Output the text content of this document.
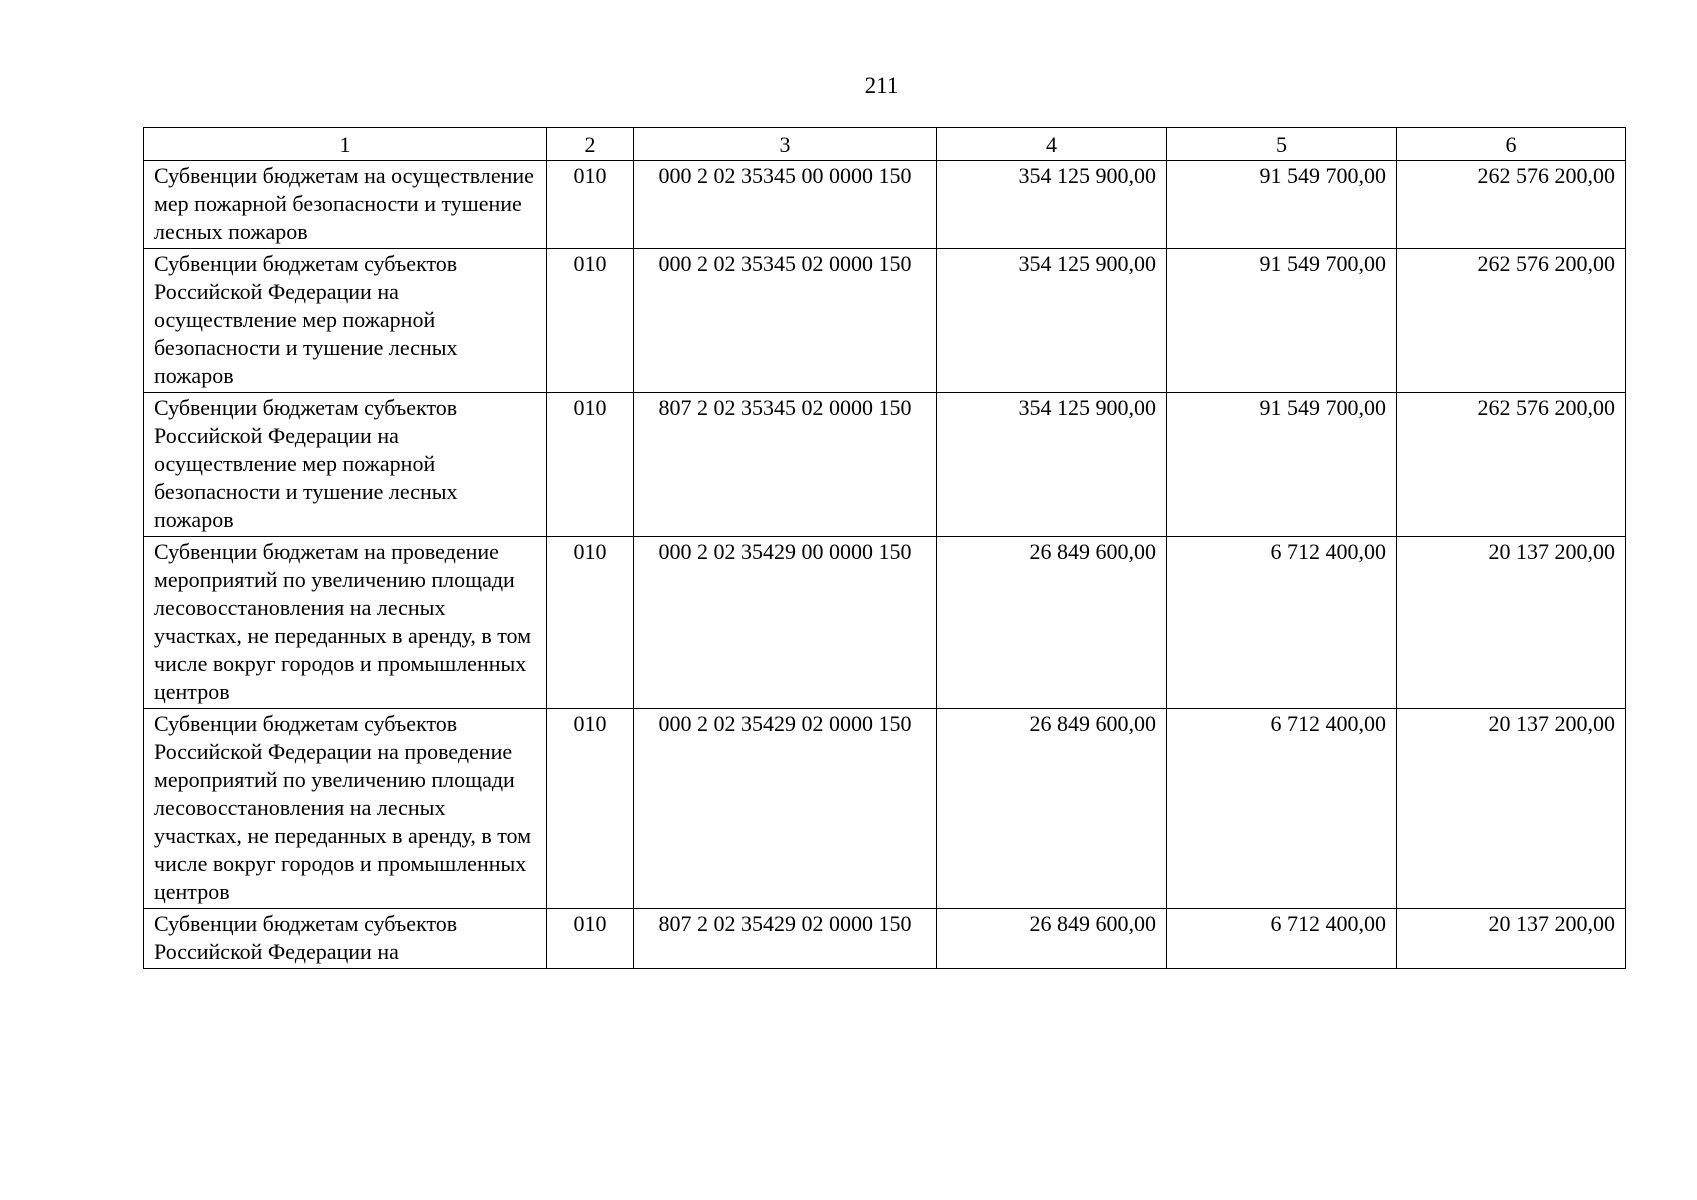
211
1	2	3	4	5	6
Субвенции бюджетам на осуществление мер пожарной безопасности и тушение лесных пожаров	010	000 2 02 35345 00 0000 150	354 125 900,00	91 549 700,00	262 576 200,00
Субвенции бюджетам субъектов Российской Федерации на осуществление мер пожарной безопасности и тушение лесных пожаров	010	000 2 02 35345 02 0000 150	354 125 900,00	91 549 700,00	262 576 200,00
Субвенции бюджетам субъектов Российской Федерации на осуществление мер пожарной безопасности и тушение лесных пожаров	010	807 2 02 35345 02 0000 150	354 125 900,00	91 549 700,00	262 576 200,00
Субвенции бюджетам на проведение мероприятий по увеличению площади лесовосстановления на лесных участках, не переданных в аренду, в том числе вокруг городов и промышленных центров	010	000 2 02 35429 00 0000 150	26 849 600,00	6 712 400,00	20 137 200,00
Субвенции бюджетам субъектов Российской Федерации на проведение мероприятий по увеличению площади лесовосстановления на лесных участках, не переданных в аренду, в том числе вокруг городов и промышленных центров	010	000 2 02 35429 02 0000 150	26 849 600,00	6 712 400,00	20 137 200,00
Субвенции бюджетам субъектов Российской Федерации на	010	807 2 02 35429 02 0000 150	26 849 600,00	6 712 400,00	20 137 200,00
